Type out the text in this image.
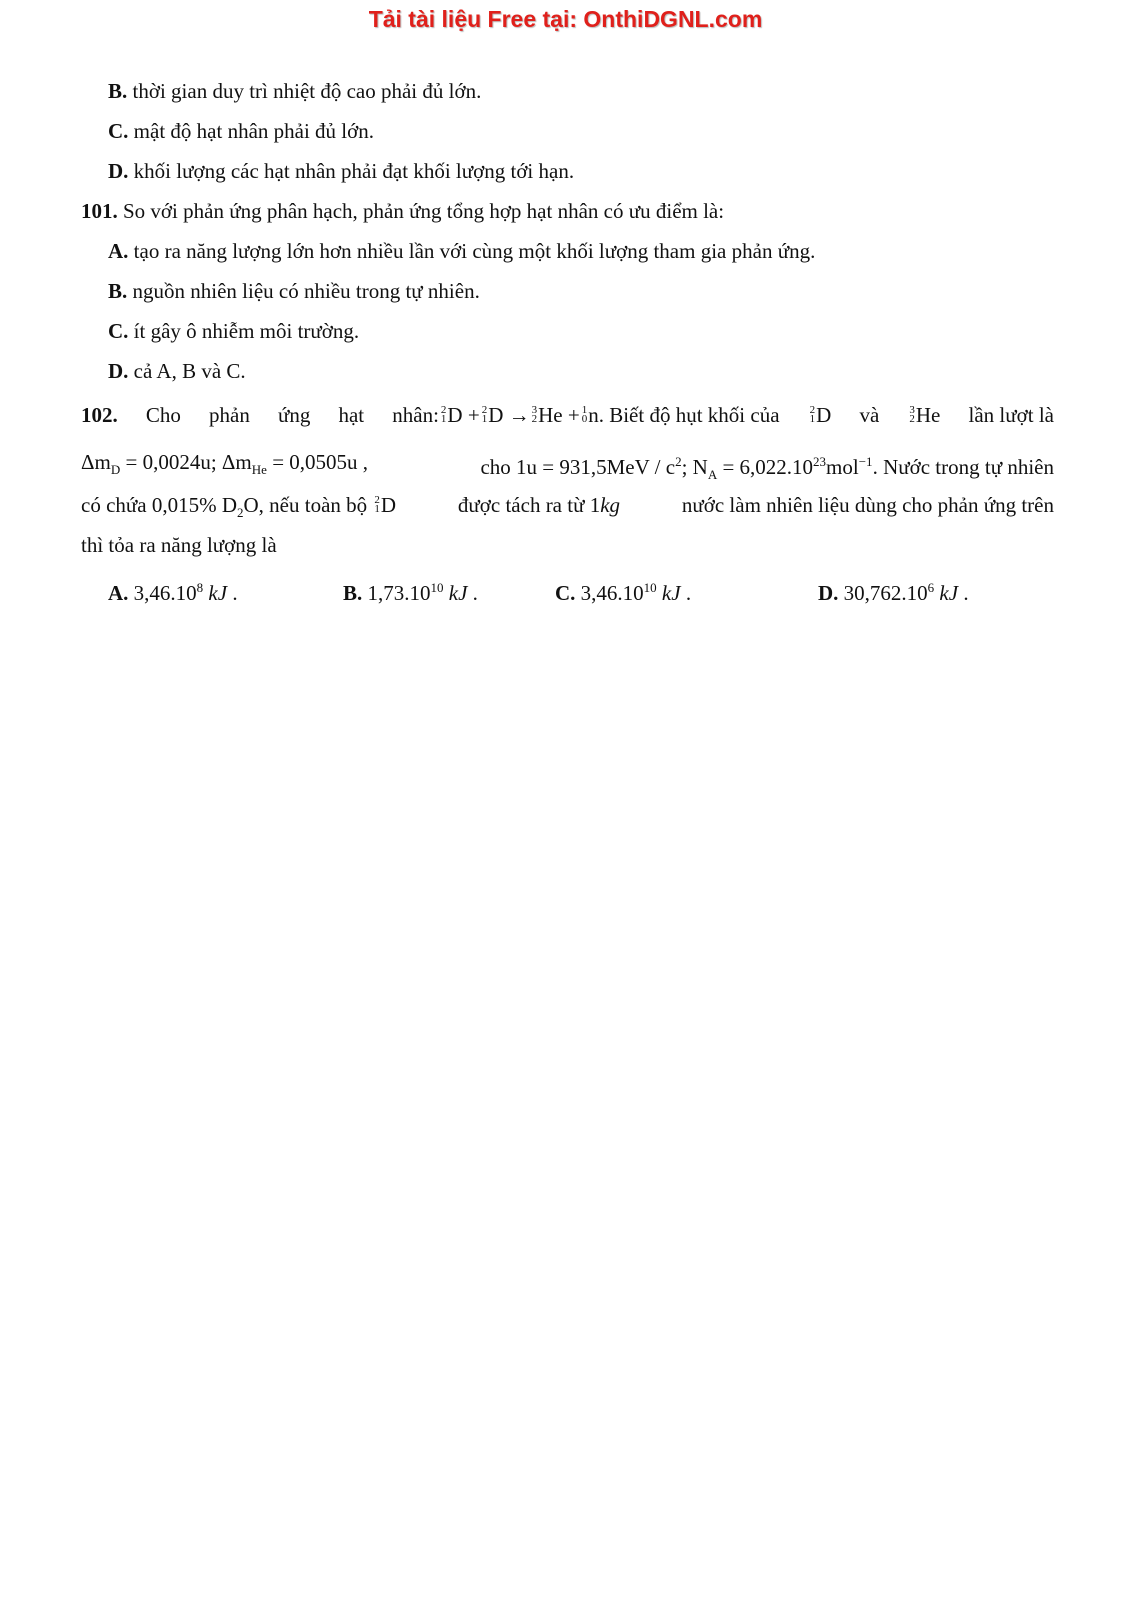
Tải tài liệu Free tại: OnthiDGNL.com
B. thời gian duy trì nhiệt độ cao phải đủ lớn.
C. mật độ hạt nhân phải đủ lớn.
D. khối lượng các hạt nhân phải đạt khối lượng tới hạn.
101. So với phản ứng phân hạch, phản ứng tổng hợp hạt nhân có ưu điểm là:
A. tạo ra năng lượng lớn hơn nhiều lần với cùng một khối lượng tham gia phản ứng.
B. nguồn nhiên liệu có nhiều trong tự nhiên.
C. ít gây ô nhiễm môi trường.
D. cả A, B và C.
102. Cho phản ứng hạt nhân: 2
1 D + 2
1 D → 3
2 He + 1
0 n. Biết độ hụt khối của	2
1 D và	3
2 He lần lượt là
$\Delta m_D = 0,0024u$; $\Delta m_{He} = 0,0505u$ ,	cho $1u = 931,5MeV / c^2$; $N_A = 6,022.10^{23}mol^{-1}$. Nước trong tự nhiên
có chứa 0,015% $D_2O$, nếu toàn bộ 2
1 D	được tách ra từ 1kg	nước làm nhiên liệu dùng cho phản ứng trên
thì tỏa ra năng lượng là
A. 3,46.10$^8$ kJ .	B. 1,73.10$^{10}$ kJ .	C. 3,46.10$^{10}$ kJ .	D. 30,762.10$^6$ kJ .
